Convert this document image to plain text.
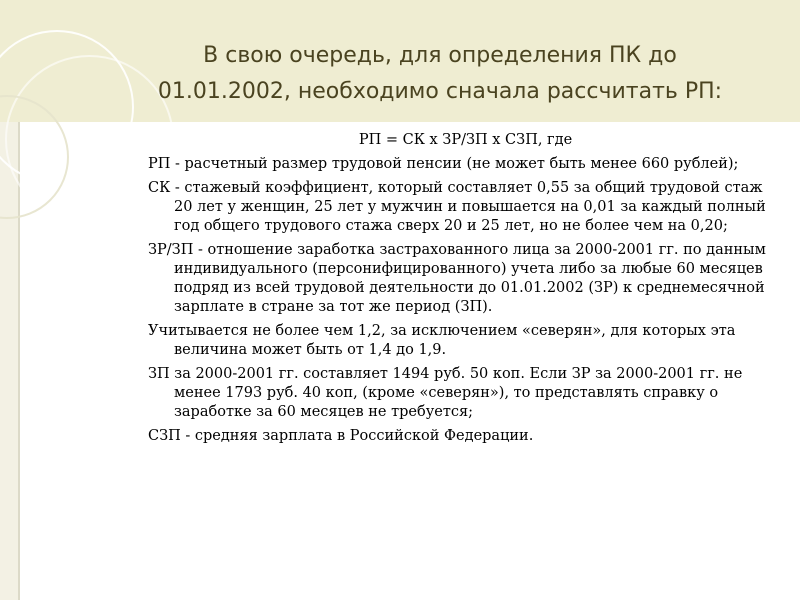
В свою очередь, для определения ПК до
01.01.2002, необходимо сначала рассчитать РП:

РП = СК х ЗР/ЗП х СЗП, где

РП - расчетный размер трудовой пенсии (не может быть менее 660 рублей);

СК - стажевый коэффициент, который составляет 0,55 за общий трудовой стаж 20 лет у женщин, 25 лет у мужчин и повышается на 0,01 за каждый полный год общего трудового стажа сверх 20 и 25 лет, но не более чем на 0,20;

ЗР/ЗП - отношение заработка застрахованного лица за 2000-2001 гг. по данным индивидуального (персонифицированного) учета либо за любые 60 месяцев подряд из всей трудовой деятельности до 01.01.2002 (ЗР) к среднемесячной зарплате в стране за тот же период (ЗП).

Учитывается не более чем 1,2, за исключением «северян», для которых эта величина может быть от 1,4 до 1,9.

ЗП за 2000-2001 гг. составляет 1494 руб. 50 коп. Если ЗР за 2000-2001 гг. не менее 1793 руб. 40 коп, (кроме «северян»), то представлять справку о заработке за 60 месяцев не требуется;

СЗП - средняя зарплата в Российской Федерации.
